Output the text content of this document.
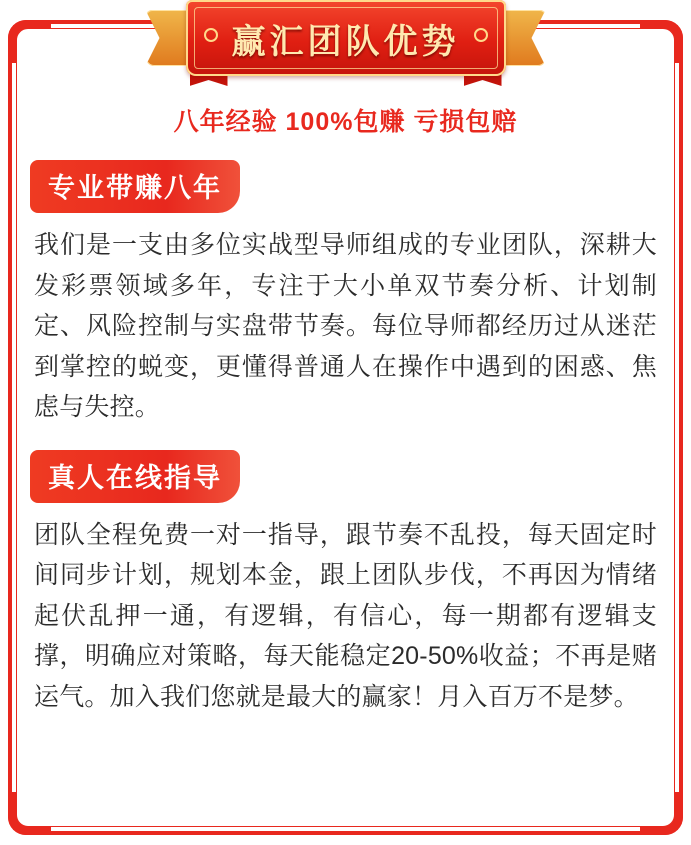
赢汇团队优势
八年经验 100%包赚 亏损包赔
专业带赚八年

我们是一支由多位实战型导师组成的专业团队，深耕大发彩票领域多年，专注于大小单双节奏分析、计划制定、风险控制与实盘带节奏。每位导师都经历过从迷茫到掌控的蜕变，更懂得普通人在操作中遇到的困惑、焦虑与失控。

真人在线指导

团队全程免费一对一指导，跟节奏不乱投，每天固定时间同步计划，规划本金，跟上团队步伐，不再因为情绪起伏乱押一通，有逻辑，有信心，每一期都有逻辑支撑，明确应对策略，每天能稳定20-50%收益；不再是赌运气。加入我们您就是最大的赢家！月入百万不是梦。
